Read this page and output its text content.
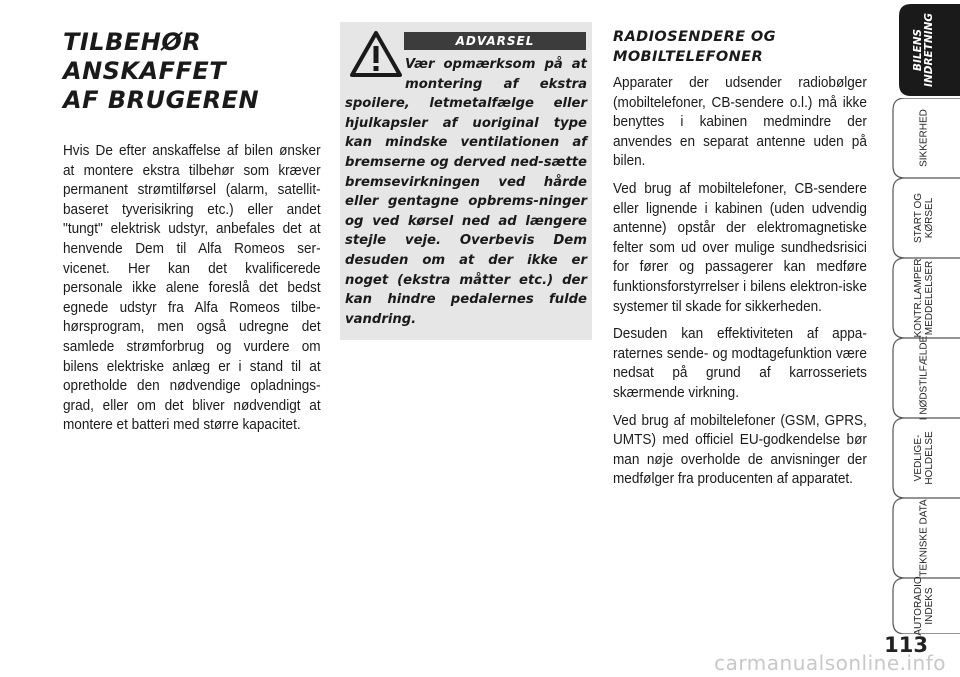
TILBEHØR
ANSKAFFET
AF BRUGEREN

Hvis De efter anskaffelse af bilen ønsker at montere ekstra tilbehør som kræver permanent strømtilførsel (alarm, satellit-baseret tyverisikring etc.) eller andet "tungt" elektrisk udstyr, anbefales det at henvende Dem til Alfa Romeos ser-vicenet. Her kan det kvalificerede personale ikke alene foreslå det bedst egnede udstyr fra Alfa Romeos tilbe-hørsprogram, men også udregne det samlede strømforbrug og vurdere om bilens elektriske anlæg er i stand til at opretholde den nødvendige opladnings-grad, eller om det bliver nødvendigt at montere et batteri med større kapacitet.

ADVARSEL
Vær opmærksom på at montering af ekstra spoilere, letmetalfælge eller hjulkapsler af uoriginal type kan mindske ventilationen af bremserne og derved ned-sætte bremsevirkningen ved hårde eller gentagne opbrems-ninger og ved kørsel ned ad længere stejle veje. Overbevis Dem desuden om at der ikke er noget (ekstra måtter etc.) der kan hindre pedalernes fulde vandring.
RADIOSENDERE OG
MOBILTELEFONER

Apparater der udsender radiobølger (mobiltelefoner, CB-sendere o.l.) må ikke benyttes i kabinen medmindre der anvendes en separat antenne uden på bilen.

Ved brug af mobiltelefoner, CB-sendere eller lignende i kabinen (uden udvendig antenne) opstår der elektromagnetiske felter som ud over mulige sundhedsrisici for fører og passagerer kan medføre funktionsforstyrrelser i bilens elektron-iske systemer til skade for sikkerheden.

Desuden kan effektiviteten af appa-raternes sende- og modtagefunktion være nedsat på grund af karrosseriets skærmende virkning.

Ved brug af mobiltelefoner (GSM, GPRS, UMTS) med officiel EU-godkendelse bør man nøje overholde de anvisninger der medfølger fra producenten af apparatet.

BILENS
INDRETNING
SIKKERHED
START OG
KØRSEL
KONTR.LAMPER
MEDDELELSER
I NØDSTILFÆLDE
VEDLIGE-
HOLDELSE
TEKNISKE DATA
AUTORADIO
INDEKS
113
carmanualsonline.info
